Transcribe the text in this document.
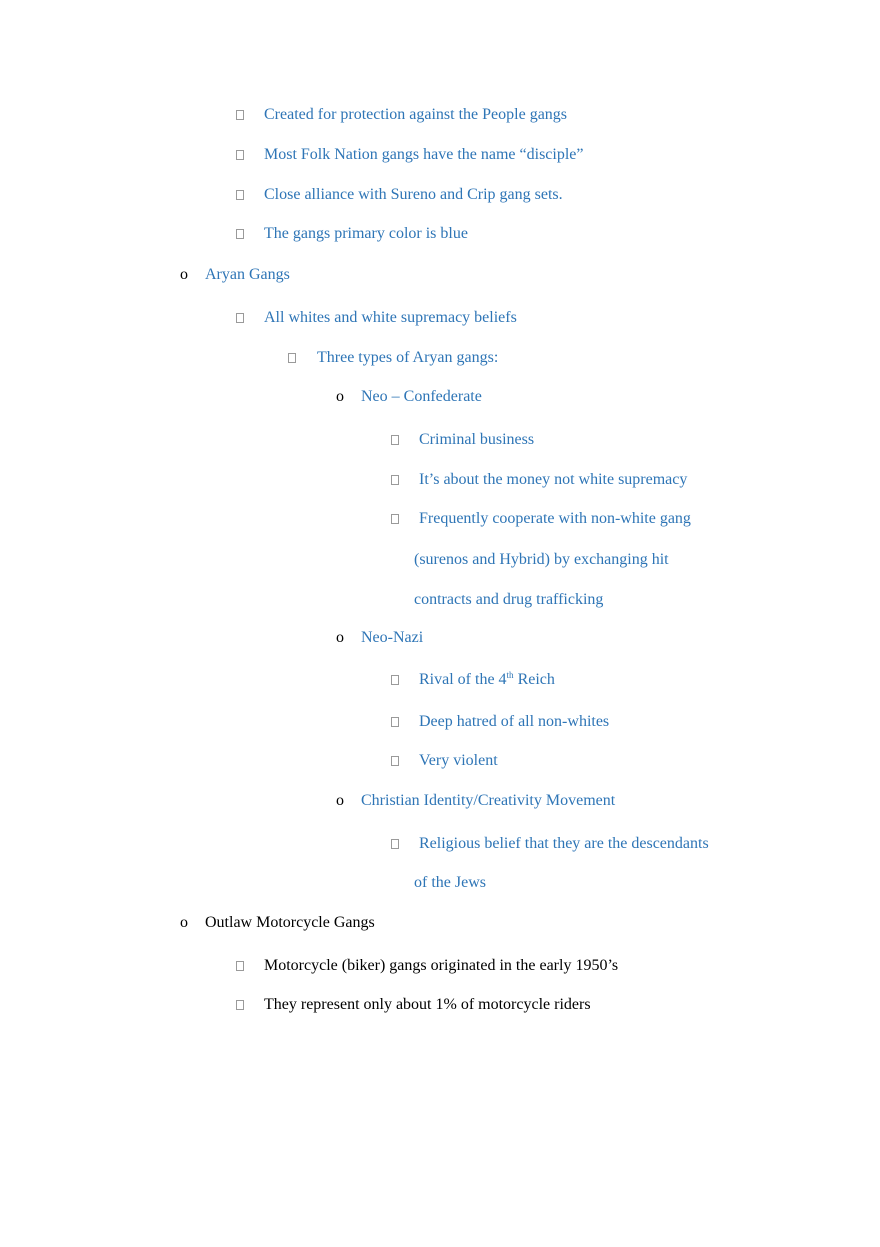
Created for protection against the People gangs
Most Folk Nation gangs have the name “disciple”
Close alliance with Sureno and Crip gang sets.
The gangs primary color is blue
o Aryan Gangs
All whites and white supremacy beliefs
Three types of Aryan gangs:
o Neo – Confederate
Criminal business
It’s about the money not white supremacy
Frequently cooperate with non-white gang
(surenos and Hybrid) by exchanging hit
contracts and drug trafficking
o Neo-Nazi
Rival of the 4th Reich
Deep hatred of all non-whites
Very violent
o Christian Identity/Creativity Movement
Religious belief that they are the descendants
of the Jews
o Outlaw Motorcycle Gangs
Motorcycle (biker) gangs originated in the early 1950’s
They represent only about 1% of motorcycle riders
